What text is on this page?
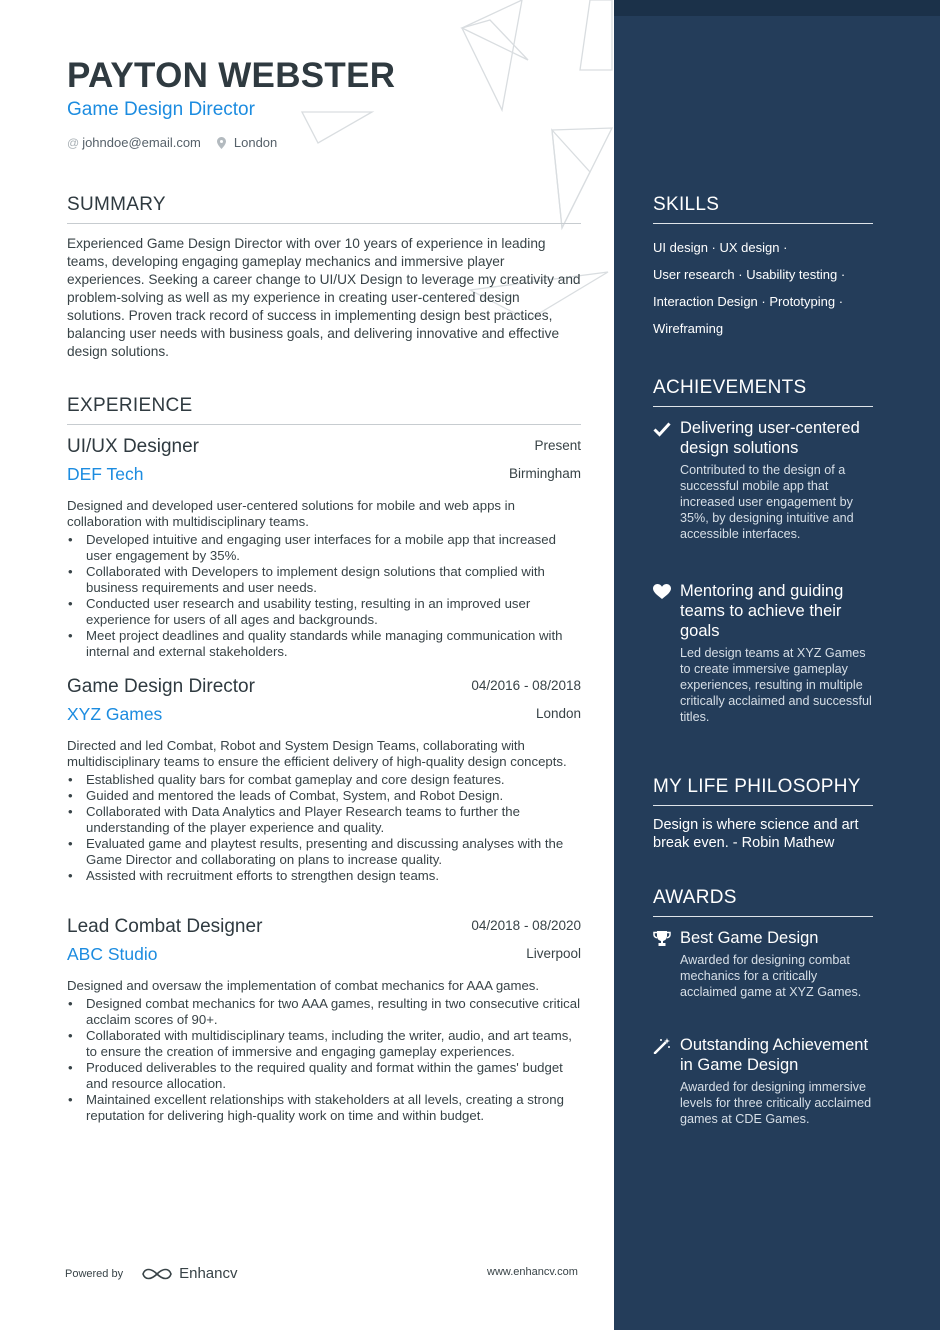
PAYTON WEBSTER
Game Design Director
@ johndoe@email.com	London
SUMMARY
Experienced Game Design Director with over 10 years of experience in leading teams, developing engaging gameplay mechanics and immersive player experiences. Seeking a career change to UI/UX Design to leverage my creativity and problem-solving as well as my experience in creating user-centered design solutions. Proven track record of success in implementing design best practices, balancing user needs with business goals, and delivering innovative and effective design solutions.
EXPERIENCE
UI/UX Designer	Present
DEF Tech	Birmingham
Designed and developed user-centered solutions for mobile and web apps in collaboration with multidisciplinary teams.
• Developed intuitive and engaging user interfaces for a mobile app that increased user engagement by 35%.
• Collaborated with Developers to implement design solutions that complied with business requirements and user needs.
• Conducted user research and usability testing, resulting in an improved user experience for users of all ages and backgrounds.
• Meet project deadlines and quality standards while managing communication with internal and external stakeholders.
Game Design Director	04/2016 - 08/2018
XYZ Games	London
Directed and led Combat, Robot and System Design Teams, collaborating with multidisciplinary teams to ensure the efficient delivery of high-quality design concepts.
• Established quality bars for combat gameplay and core design features.
• Guided and mentored the leads of Combat, System, and Robot Design.
• Collaborated with Data Analytics and Player Research teams to further the understanding of the player experience and quality.
• Evaluated game and playtest results, presenting and discussing analyses with the Game Director and collaborating on plans to increase quality.
• Assisted with recruitment efforts to strengthen design teams.
Lead Combat Designer	04/2018 - 08/2020
ABC Studio	Liverpool
Designed and oversaw the implementation of combat mechanics for AAA games.
• Designed combat mechanics for two AAA games, resulting in two consecutive critical acclaim scores of 90+.
• Collaborated with multidisciplinary teams, including the writer, audio, and art teams, to ensure the creation of immersive and engaging gameplay experiences.
• Produced deliverables to the required quality and format within the games' budget and resource allocation.
• Maintained excellent relationships with stakeholders at all levels, creating a strong reputation for delivering high-quality work on time and within budget.
Powered by	Enhancv	www.enhancv.com
SKILLS
UI design · UX design ·
User research · Usability testing ·
Interaction Design · Prototyping ·
Wireframing
ACHIEVEMENTS
Delivering user-centered design solutions
Contributed to the design of a successful mobile app that increased user engagement by 35%, by designing intuitive and accessible interfaces.
Mentoring and guiding teams to achieve their goals
Led design teams at XYZ Games to create immersive gameplay experiences, resulting in multiple critically acclaimed and successful titles.
MY LIFE PHILOSOPHY
Design is where science and art break even. - Robin Mathew
AWARDS
Best Game Design
Awarded for designing combat mechanics for a critically acclaimed game at XYZ Games.
Outstanding Achievement in Game Design
Awarded for designing immersive levels for three critically acclaimed games at CDE Games.
